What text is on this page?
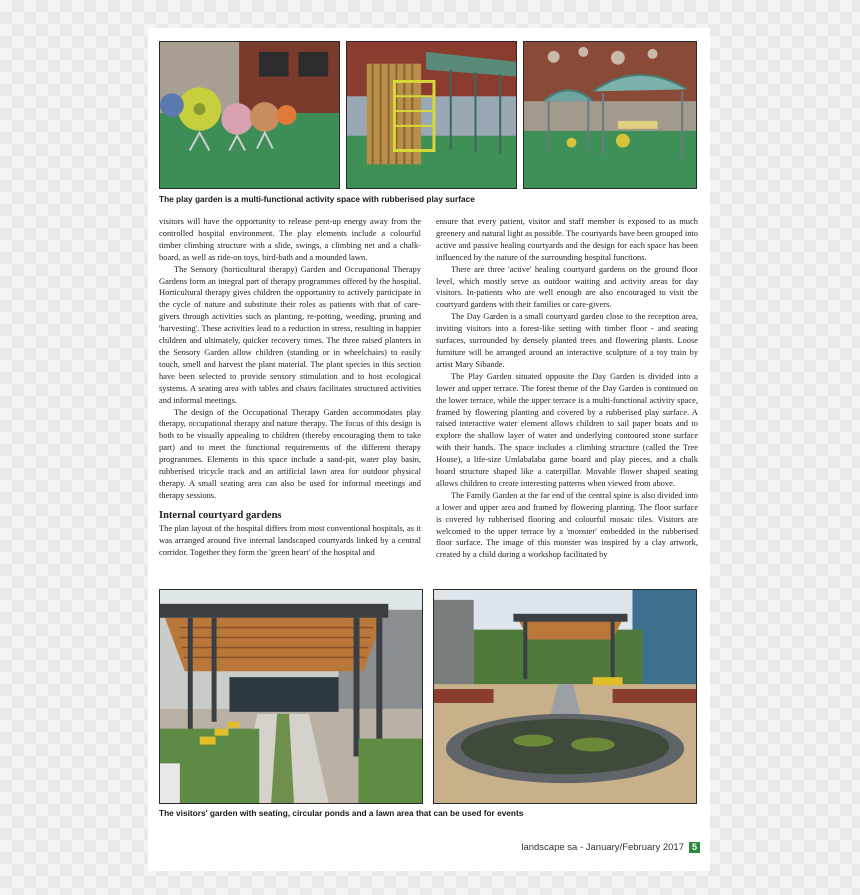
The play garden is a multi-functional activity space with rubberised play surface

visitors will have the opportunity to release pent-up energy away from the controlled hospital environment. The play elements include a colourful timber climbing structure with a slide, swings, a climbing net and a chalk-board, as well as ride-on toys, bird-bath and a mounded lawn.

The Sensory (horticultural therapy) Garden and Occupational Therapy Gardens form an integral part of therapy programmes offered by the hospital. Horticultural therapy gives children the opportunity to actively participate in the cycle of nature and substitute their roles as patients with that of care-givers through activities such as planting, re-potting, weeding, pruning and 'harvesting'. These activities lead to a reduction in stress, resulting in happier children and ultimately, quicker recovery times. The three raised planters in the Sensory Garden allow children (standing or in wheelchairs) to easily touch, smell and harvest the plant material. The plant species in this section have been selected to provide sensory stimulation and to host ecological systems. A seating area with tables and chairs facilitates structured activities and informal meetings.

The design of the Occupational Therapy Garden accommodates play therapy, occupational therapy and nature therapy. The focus of this design is both to be visually appealing to children (thereby encouraging them to take part) and to meet the functional requirements of the different therapy programmes. Elements in this space include a sand-pit, water play basin, rubberised tricycle track and an artificial lawn area for outdoor physical therapy. A small seating area can also be used for informal meetings and therapy sessions.

Internal courtyard gardens

The plan layout of the hospital differs from most conventional hospitals, as it was arranged around five internal landscaped courtyards linked by a central corridor. Together they form the 'green heart' of the hospital and

ensure that every patient, visitor and staff member is exposed to as much greenery and natural light as possible. The courtyards have been grouped into active and passive healing courtyards and the design for each space has been influenced by the nature of the surrounding hospital functions.

There are three 'active' healing courtyard gardens on the ground floor level, which mostly serve as outdoor waiting and activity areas for day visitors. In-patients who are well enough are also encouraged to visit the courtyard gardens with their families or care-givers.

The Day Garden is a small courtyard garden close to the reception area, inviting visitors into a forest-like setting with timber floor - and seating surfaces, surrounded by densely planted trees and flowering plants. Loose furniture will be arranged around an interactive sculpture of a toy train by artist Mary Sibande.

The Play Garden situated opposite the Day Garden is divided into a lower and upper terrace. The forest theme of the Day Garden is continued on the lower terrace, while the upper terrace is a multi-functional activity space, framed by flowering planting and covered by a rubberised play surface. A raised interactive water element allows children to sail paper boats and to explore the shallow layer of water and underlying contoured stone surface with their hands. The space includes a climbing structure (called the Tree House), a life-size Umlabalaba game board and play pieces, and a chalk board structure shaped like a caterpillar. Movable flower shaped seating allows children to create interesting patterns when viewed from above.

The Family Garden at the far end of the central spine is also divided into a lower and upper area and framed by flowering planting. The floor surface is covered by rubberised flooring and colourful mosaic tiles. Visitors are welcomed to the upper terrace by a 'monster' embedded in the rubberised floor surface. The image of this monster was inspired by a clay artwork, created by a child during a workshop facilitated by

The visitors' garden with seating, circular ponds and a lawn area that can be used for events
landscape sa - January/February 2017 5
